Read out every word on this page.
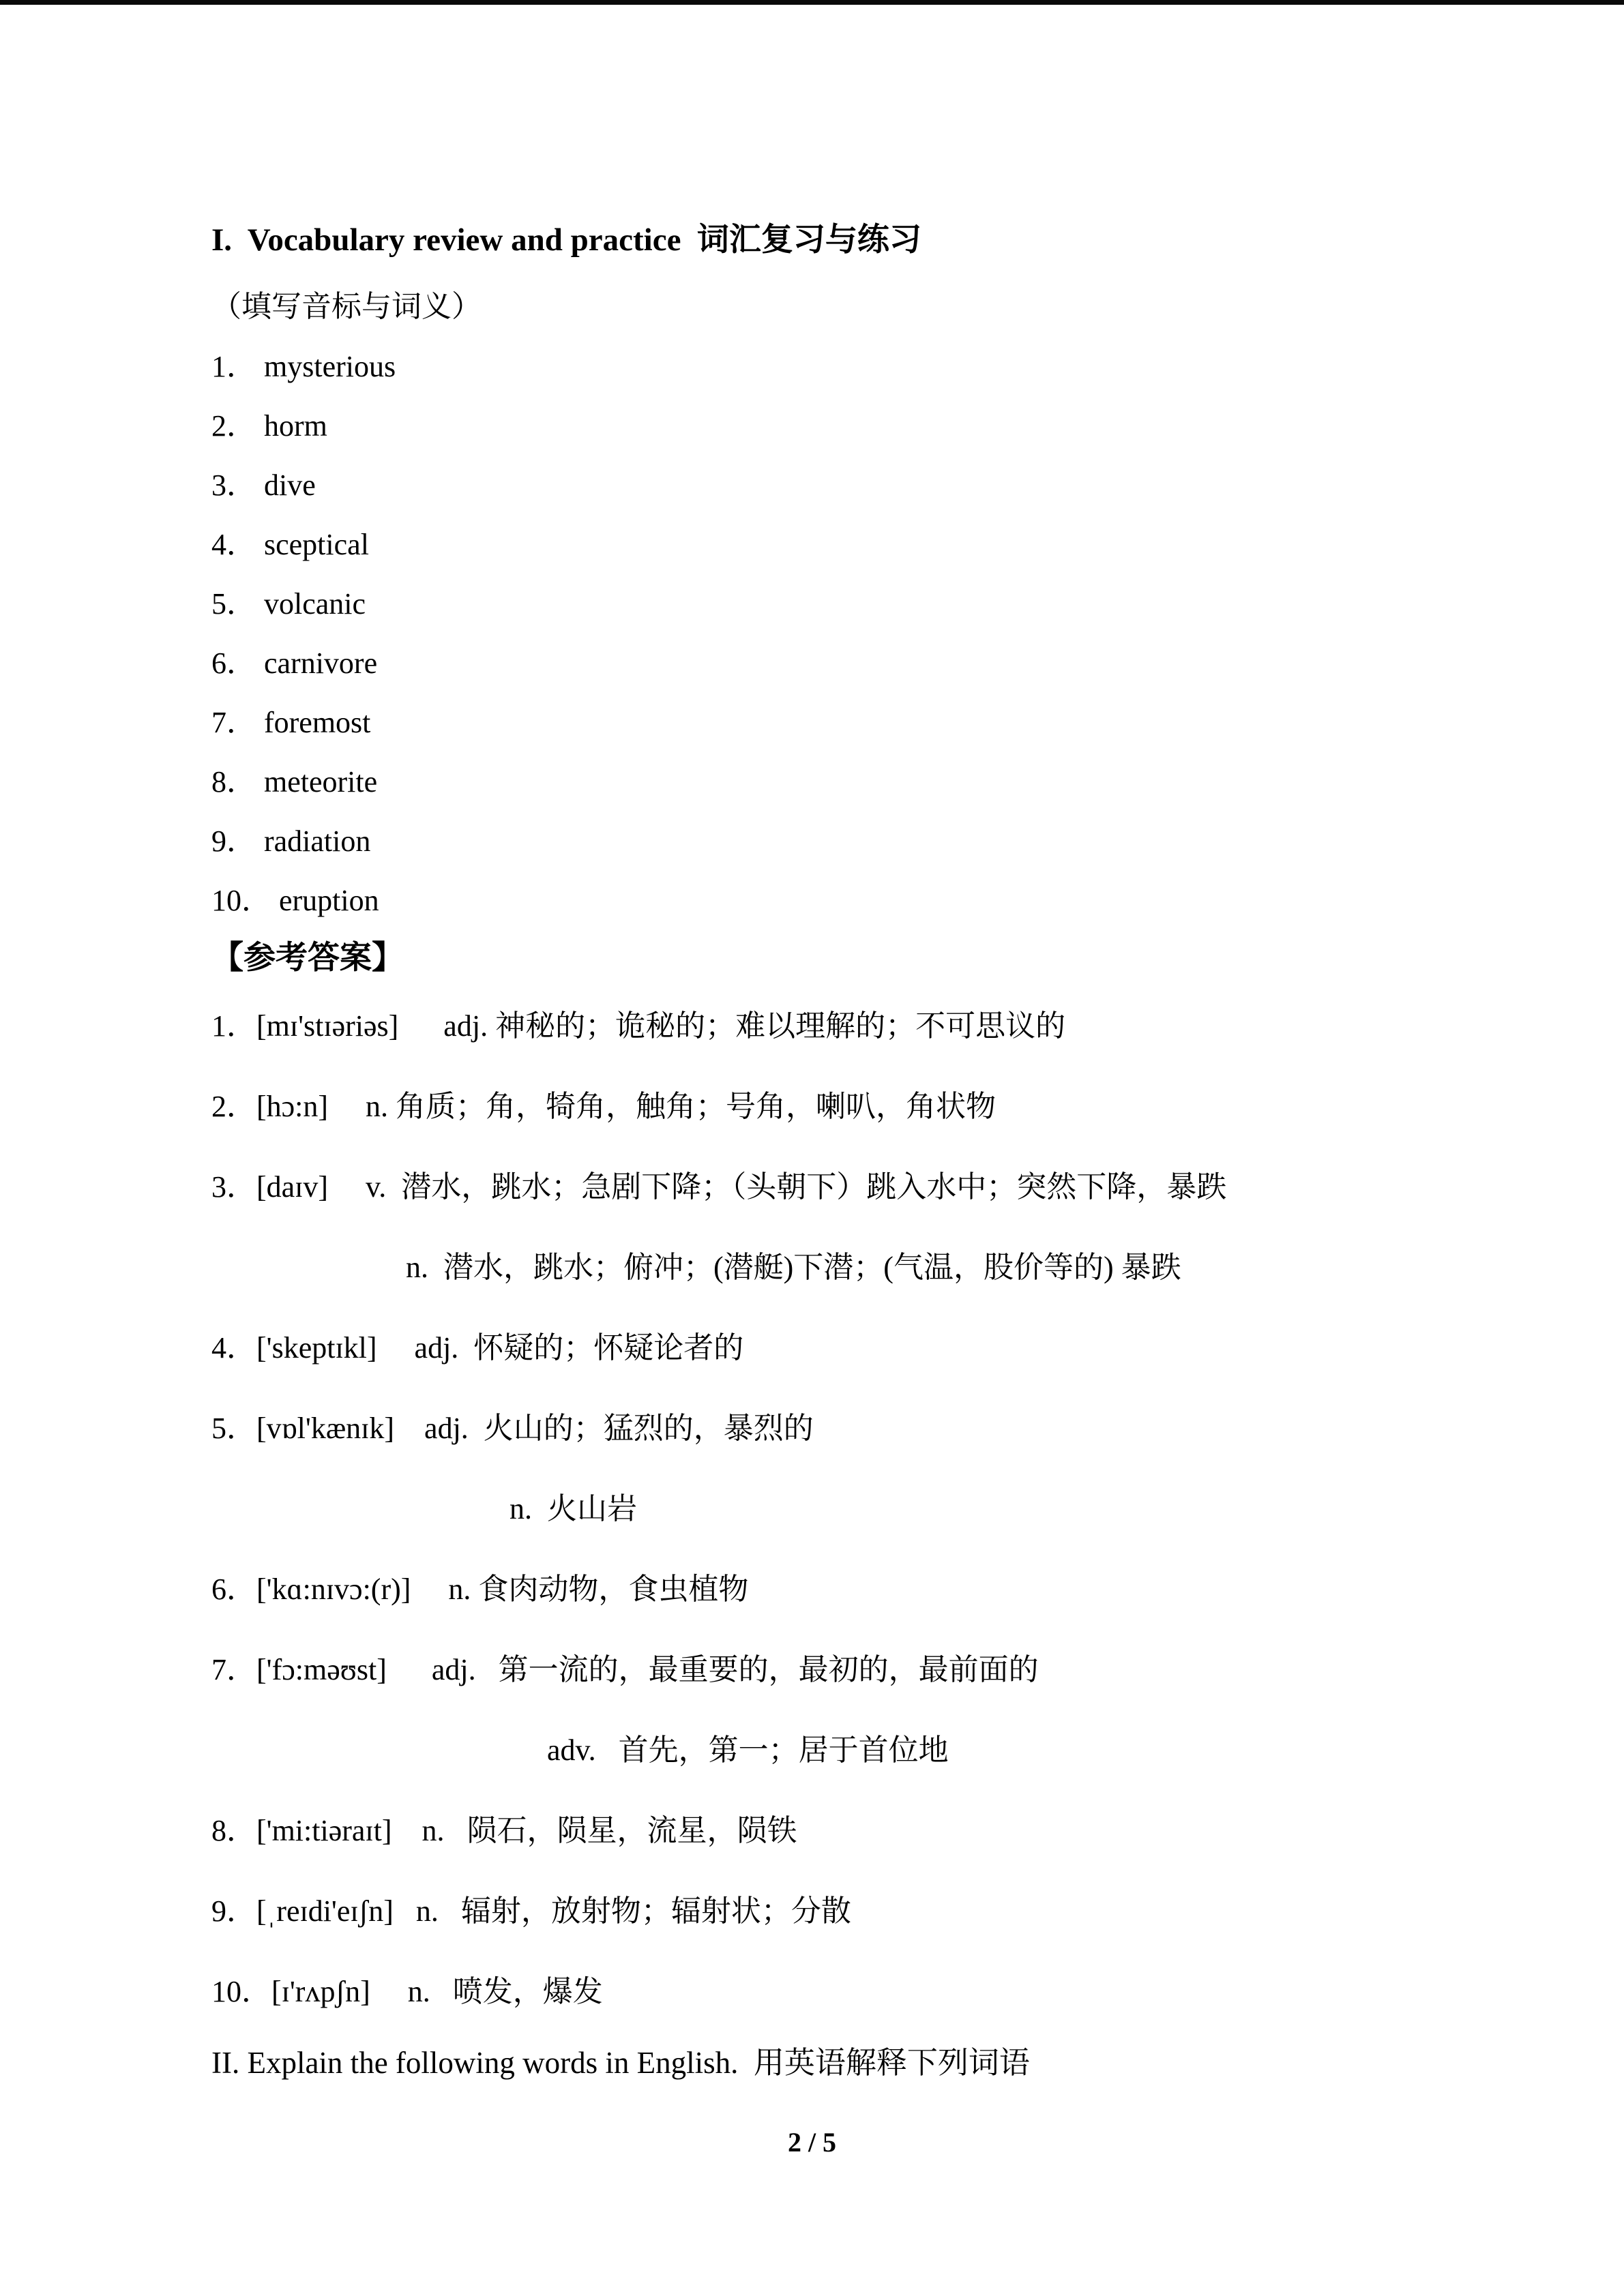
I.  Vocabulary review and practice  词汇复习与练习

（填写音标与词义）

1． mysterious

2． horm

3． dive

4． sceptical

5． volcanic

6． carnivore

7． foremost

8． meteorite

9． radiation

10． eruption

【参考答案】

1．[mɪ'stɪəriəs]      adj. 神秘的；诡秘的；难以理解的；不可思议的

2．[hɔ:n]     n. 角质；角，犄角，触角；号角，喇叭，角状物

3．[daɪv]     v.  潜水，跳水；急剧下降；（头朝下）跳入水中；突然下降，暴跌

n.  潜水，跳水；俯冲；(潜艇)下潜；(气温，股价等的) 暴跌

4．['skeptɪkl]     adj.  怀疑的；怀疑论者的

5．[vɒl'kænɪk]    adj.  火山的；猛烈的，暴烈的

n.  火山岩

6．['kɑ:nɪvɔ:(r)]     n. 食肉动物，食虫植物

7．['fɔ:məʊst]      adj.   第一流的，最重要的，最初的，最前面的

adv.   首先，第一；居于首位地

8．['mi:tiəraɪt]    n.   陨石，陨星，流星，陨铁

9．[ˌreɪdi'eɪʃn]   n.   辐射，放射物；辐射状；分散

10．[ɪ'rʌpʃn]     n.   喷发，爆发

II. Explain the following words in English.  用英语解释下列词语

2 / 5
